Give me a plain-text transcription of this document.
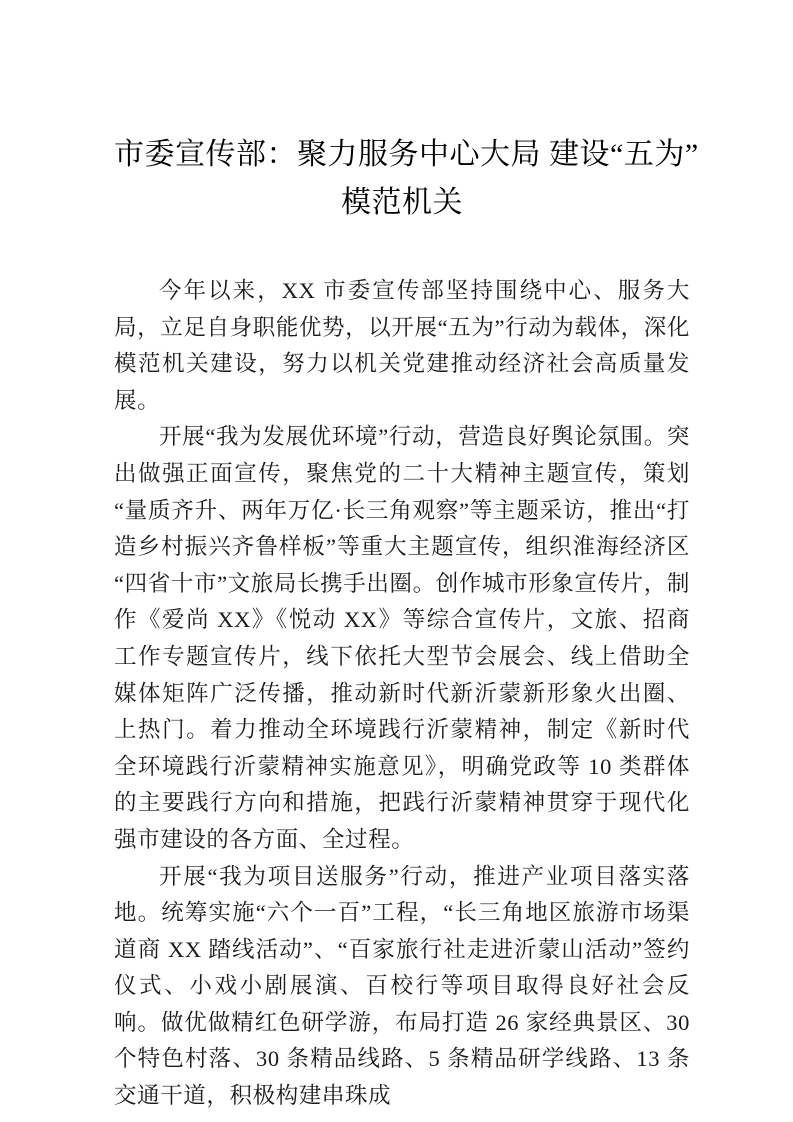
市委宣传部：聚力服务中心大局 建设“五为”
模范机关

今年以来，XX 市委宣传部坚持围绕中心、服务大局，立足自身职能优势，以开展“五为”行动为载体，深化模范机关建设，努力以机关党建推动经济社会高质量发展。

开展“我为发展优环境”行动，营造良好舆论氛围。突出做强正面宣传，聚焦党的二十大精神主题宣传，策划“量质齐升、两年万亿·长三角观察”等主题采访，推出“打造乡村振兴齐鲁样板”等重大主题宣传，组织淮海经济区“四省十市”文旅局长携手出圈。创作城市形象宣传片，制作《爱尚 XX》《悦动 XX》等综合宣传片，文旅、招商工作专题宣传片，线下依托大型节会展会、线上借助全媒体矩阵广泛传播，推动新时代新沂蒙新形象火出圈、上热门。着力推动全环境践行沂蒙精神，制定《新时代全环境践行沂蒙精神实施意见》，明确党政等 10 类群体的主要践行方向和措施，把践行沂蒙精神贯穿于现代化强市建设的各方面、全过程。

开展“我为项目送服务”行动，推进产业项目落实落地。统筹实施“六个一百”工程，“长三角地区旅游市场渠道商 XX 踏线活动”、“百家旅行社走进沂蒙山活动”签约仪式、小戏小剧展演、百校行等项目取得良好社会反响。做优做精红色研学游，布局打造 26 家经典景区、30 个特色村落、30 条精品线路、5 条精品研学线路、13 条交通干道，积极构建串珠成
